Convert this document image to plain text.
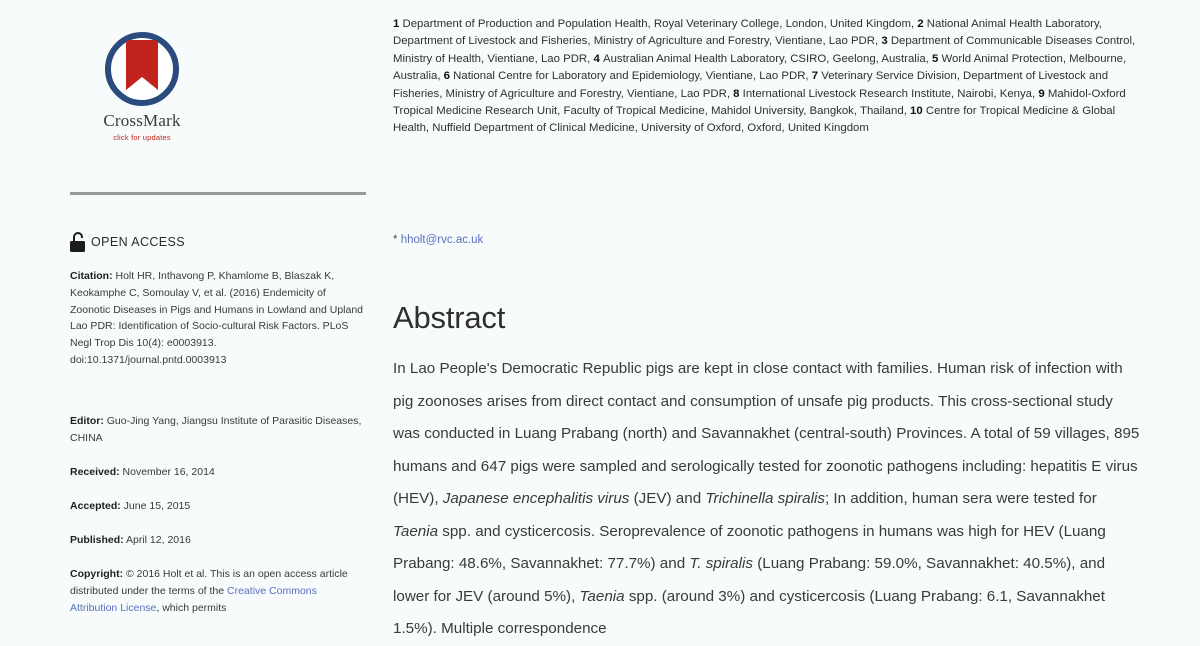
CrossMark
click for updates
OPEN ACCESS
Citation: Holt HR, Inthavong P, Khamlome B, Blaszak K, Keokamphe C, Somoulay V, et al. (2016) Endemicity of Zoonotic Diseases in Pigs and Humans in Lowland and Upland Lao PDR: Identification of Socio-cultural Risk Factors. PLoS Negl Trop Dis 10(4): e0003913. doi:10.1371/journal.pntd.0003913
Editor: Guo-Jing Yang, Jiangsu Institute of Parasitic Diseases, CHINA
Received: November 16, 2014
Accepted: June 15, 2015
Published: April 12, 2016
Copyright: © 2016 Holt et al. This is an open access article distributed under the terms of the Creative Commons Attribution License, which permits
1 Department of Production and Population Health, Royal Veterinary College, London, United Kingdom, 2 National Animal Health Laboratory, Department of Livestock and Fisheries, Ministry of Agriculture and Forestry, Vientiane, Lao PDR, 3 Department of Communicable Diseases Control, Ministry of Health, Vientiane, Lao PDR, 4 Australian Animal Health Laboratory, CSIRO, Geelong, Australia, 5 World Animal Protection, Melbourne, Australia, 6 National Centre for Laboratory and Epidemiology, Vientiane, Lao PDR, 7 Veterinary Service Division, Department of Livestock and Fisheries, Ministry of Agriculture and Forestry, Vientiane, Lao PDR, 8 International Livestock Research Institute, Nairobi, Kenya, 9 Mahidol-Oxford Tropical Medicine Research Unit, Faculty of Tropical Medicine, Mahidol University, Bangkok, Thailand, 10 Centre for Tropical Medicine & Global Health, Nuffield Department of Clinical Medicine, University of Oxford, Oxford, United Kingdom
* hholt@rvc.ac.uk
Abstract
In Lao People's Democratic Republic pigs are kept in close contact with families. Human risk of infection with pig zoonoses arises from direct contact and consumption of unsafe pig products. This cross-sectional study was conducted in Luang Prabang (north) and Savannakhet (central-south) Provinces. A total of 59 villages, 895 humans and 647 pigs were sampled and serologically tested for zoonotic pathogens including: hepatitis E virus (HEV), Japanese encephalitis virus (JEV) and Trichinella spiralis; In addition, human sera were tested for Taenia spp. and cysticercosis. Seroprevalence of zoonotic pathogens in humans was high for HEV (Luang Prabang: 48.6%, Savannakhet: 77.7%) and T. spiralis (Luang Prabang: 59.0%, Savannakhet: 40.5%), and lower for JEV (around 5%), Taenia spp. (around 3%) and cysticercosis (Luang Prabang: 6.1, Savannakhet 1.5%). Multiple correspondence
